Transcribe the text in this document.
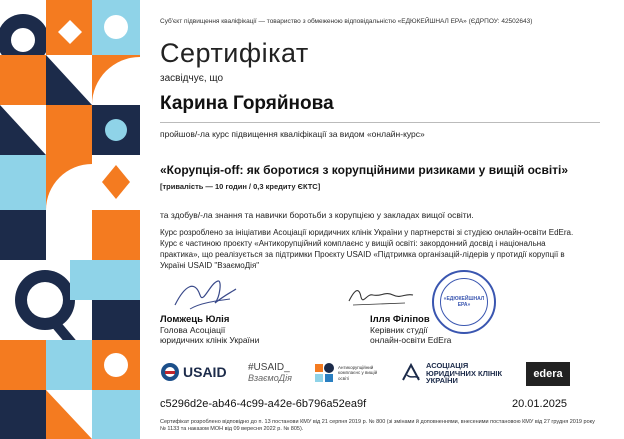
Суб'єкт підвищення кваліфікації — товариство з обмеженою відповідальністю «ЕДЮКЕЙШНАЛ ЕРА» (ЄДРПОУ: 42502643)
Сертифікат
засвідчує, що
Карина Горяйнова
пройшов/-ла курс підвищення кваліфікації за видом «онлайн-курс»
«Корупція-off: як боротися з корупційними ризиками у вищій освіті»
[тривалість — 10 годин / 0,3 кредиту ЄКТС]
та здобув/-ла знання та навички боротьби з корупцією у закладах вищої освіти.
Курс розроблено за ініціативи Асоціації юридичних клінік України у партнерстві зі студією онлайн-освіти EdEra. Курс є частиною проєкту «Антикорупційний комплаєнс у вищій освіті: закордонний досвід і національна практика», що реалізується за підтримки Проєкту USAID «Підтримка організацій-лідерів у протидії корупції в Україні USAID "ВзаємоДія"
Ломжець Юлія
Голова Асоціації
юридичних клінік України
Ілля Філіпов
Керівник студії
онлайн-освіти EdEra
«ЕДЮКЕЙШНАЛ ЕРА»
USAID #USAID_
ВзаємоДія
Антикорупційний комплаєнс у вищій освіті
АСОЦІАЦІЯ
ЮРИДИЧНИХ КЛІНІК
УКРАЇНИ
edera
c5296d2e-ab46-4c99-a42e-6b796a52ea9f	20.01.2025
Сертифікат розроблено відповідно до п. 13 постанови КМУ від 21 серпня 2019 р. № 800 (зі змінами й доповненнями, внесеними постановою КМУ від 27 грудня 2019 року № 1133 та наказом МОН від 09 вересня 2022 р. № 805).
